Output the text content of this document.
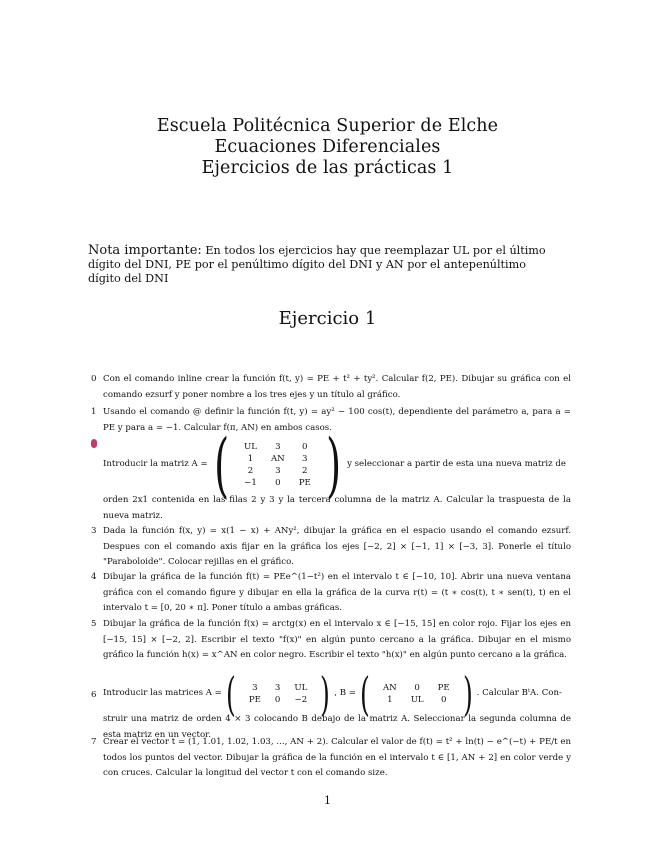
Escuela Politécnica Superior de Elche
Ecuaciones Diferenciales
Ejercicios de las prácticas 1
Nota importante: En todos los ejercicios hay que reemplazar UL por el último dígito del DNI, PE por el penúltimo dígito del DNI y AN por el antepenúltimo dígito del DNI
Ejercicio 1
0 Con el comando inline crear la función f(t, y) = PE + t² + ty². Calcular f(2, PE). Dibujar su gráfica con el comando ezsurf y poner nombre a los tres ejes y un título al gráfico.
1 Usando el comando @ definir la función f(t, y) = ay² − 100 cos(t), dependiente del parámetro a, para a = PE y para a = −1. Calcular f(π, AN) en ambos casos.
Introducir la matriz A = ( UL	3	0
1	AN	3
2	3	2
−1	0	PE ) y seleccionar a partir de esta una nueva matriz de
orden 2x1 contenida en las filas 2 y 3 y la tercera columna de la matriz A. Calcular la traspuesta de la nueva matriz.
3 Dada la función f(x, y) = x(1 − x) + ANy², dibujar la gráfica en el espacio usando el comando ezsurf. Despues con el comando axis fijar en la gráfica los ejes [−2, 2] × [−1, 1] × [−3, 3]. Ponerle el título "Paraboloide". Colocar rejillas en el gráfico.
4 Dibujar la gráfica de la función f(t) = PEe^(1−t²) en el intervalo t ∈ [−10, 10]. Abrir una nueva ventana gráfica con el comando figure y dibujar en ella la gráfica de la curva r(t) = (t ∗ cos(t), t ∗ sen(t), t) en el intervalo t = [0, 20 ∗ π]. Poner título a ambas gráficas.
5 Dibujar la gráfica de la función f(x) = arctg(x) en el intervalo x ∈ [−15, 15] en color rojo. Fijar los ejes en [−15, 15] × [−2, 2]. Escribir el texto "f(x)" en algún punto cercano a la gráfica. Dibujar en el mismo gráfico la función h(x) = x^AN en color negro. Escribir el texto "h(x)" en algún punto cercano a la gráfica.
6 Introducir las matrices A = ( 3	3	UL
PE	0	−2 ) , B = ( AN	0	PE
1	UL	0 ) . Calcular BᵗA. Con-
struir una matriz de orden 4 × 3 colocando B debajo de la matriz A. Seleccionar la segunda columna de esta matriz en un vector.
7 Crear el vector t = (1, 1.01, 1.02, 1.03, ..., AN + 2). Calcular el valor de f(t) = t² + ln(t) − e^(−t) + PE/t en todos los puntos del vector. Dibujar la gráfica de la función en el intervalo t ∈ [1, AN + 2] en color verde y con cruces. Calcular la longitud del vector t con el comando size.
1
